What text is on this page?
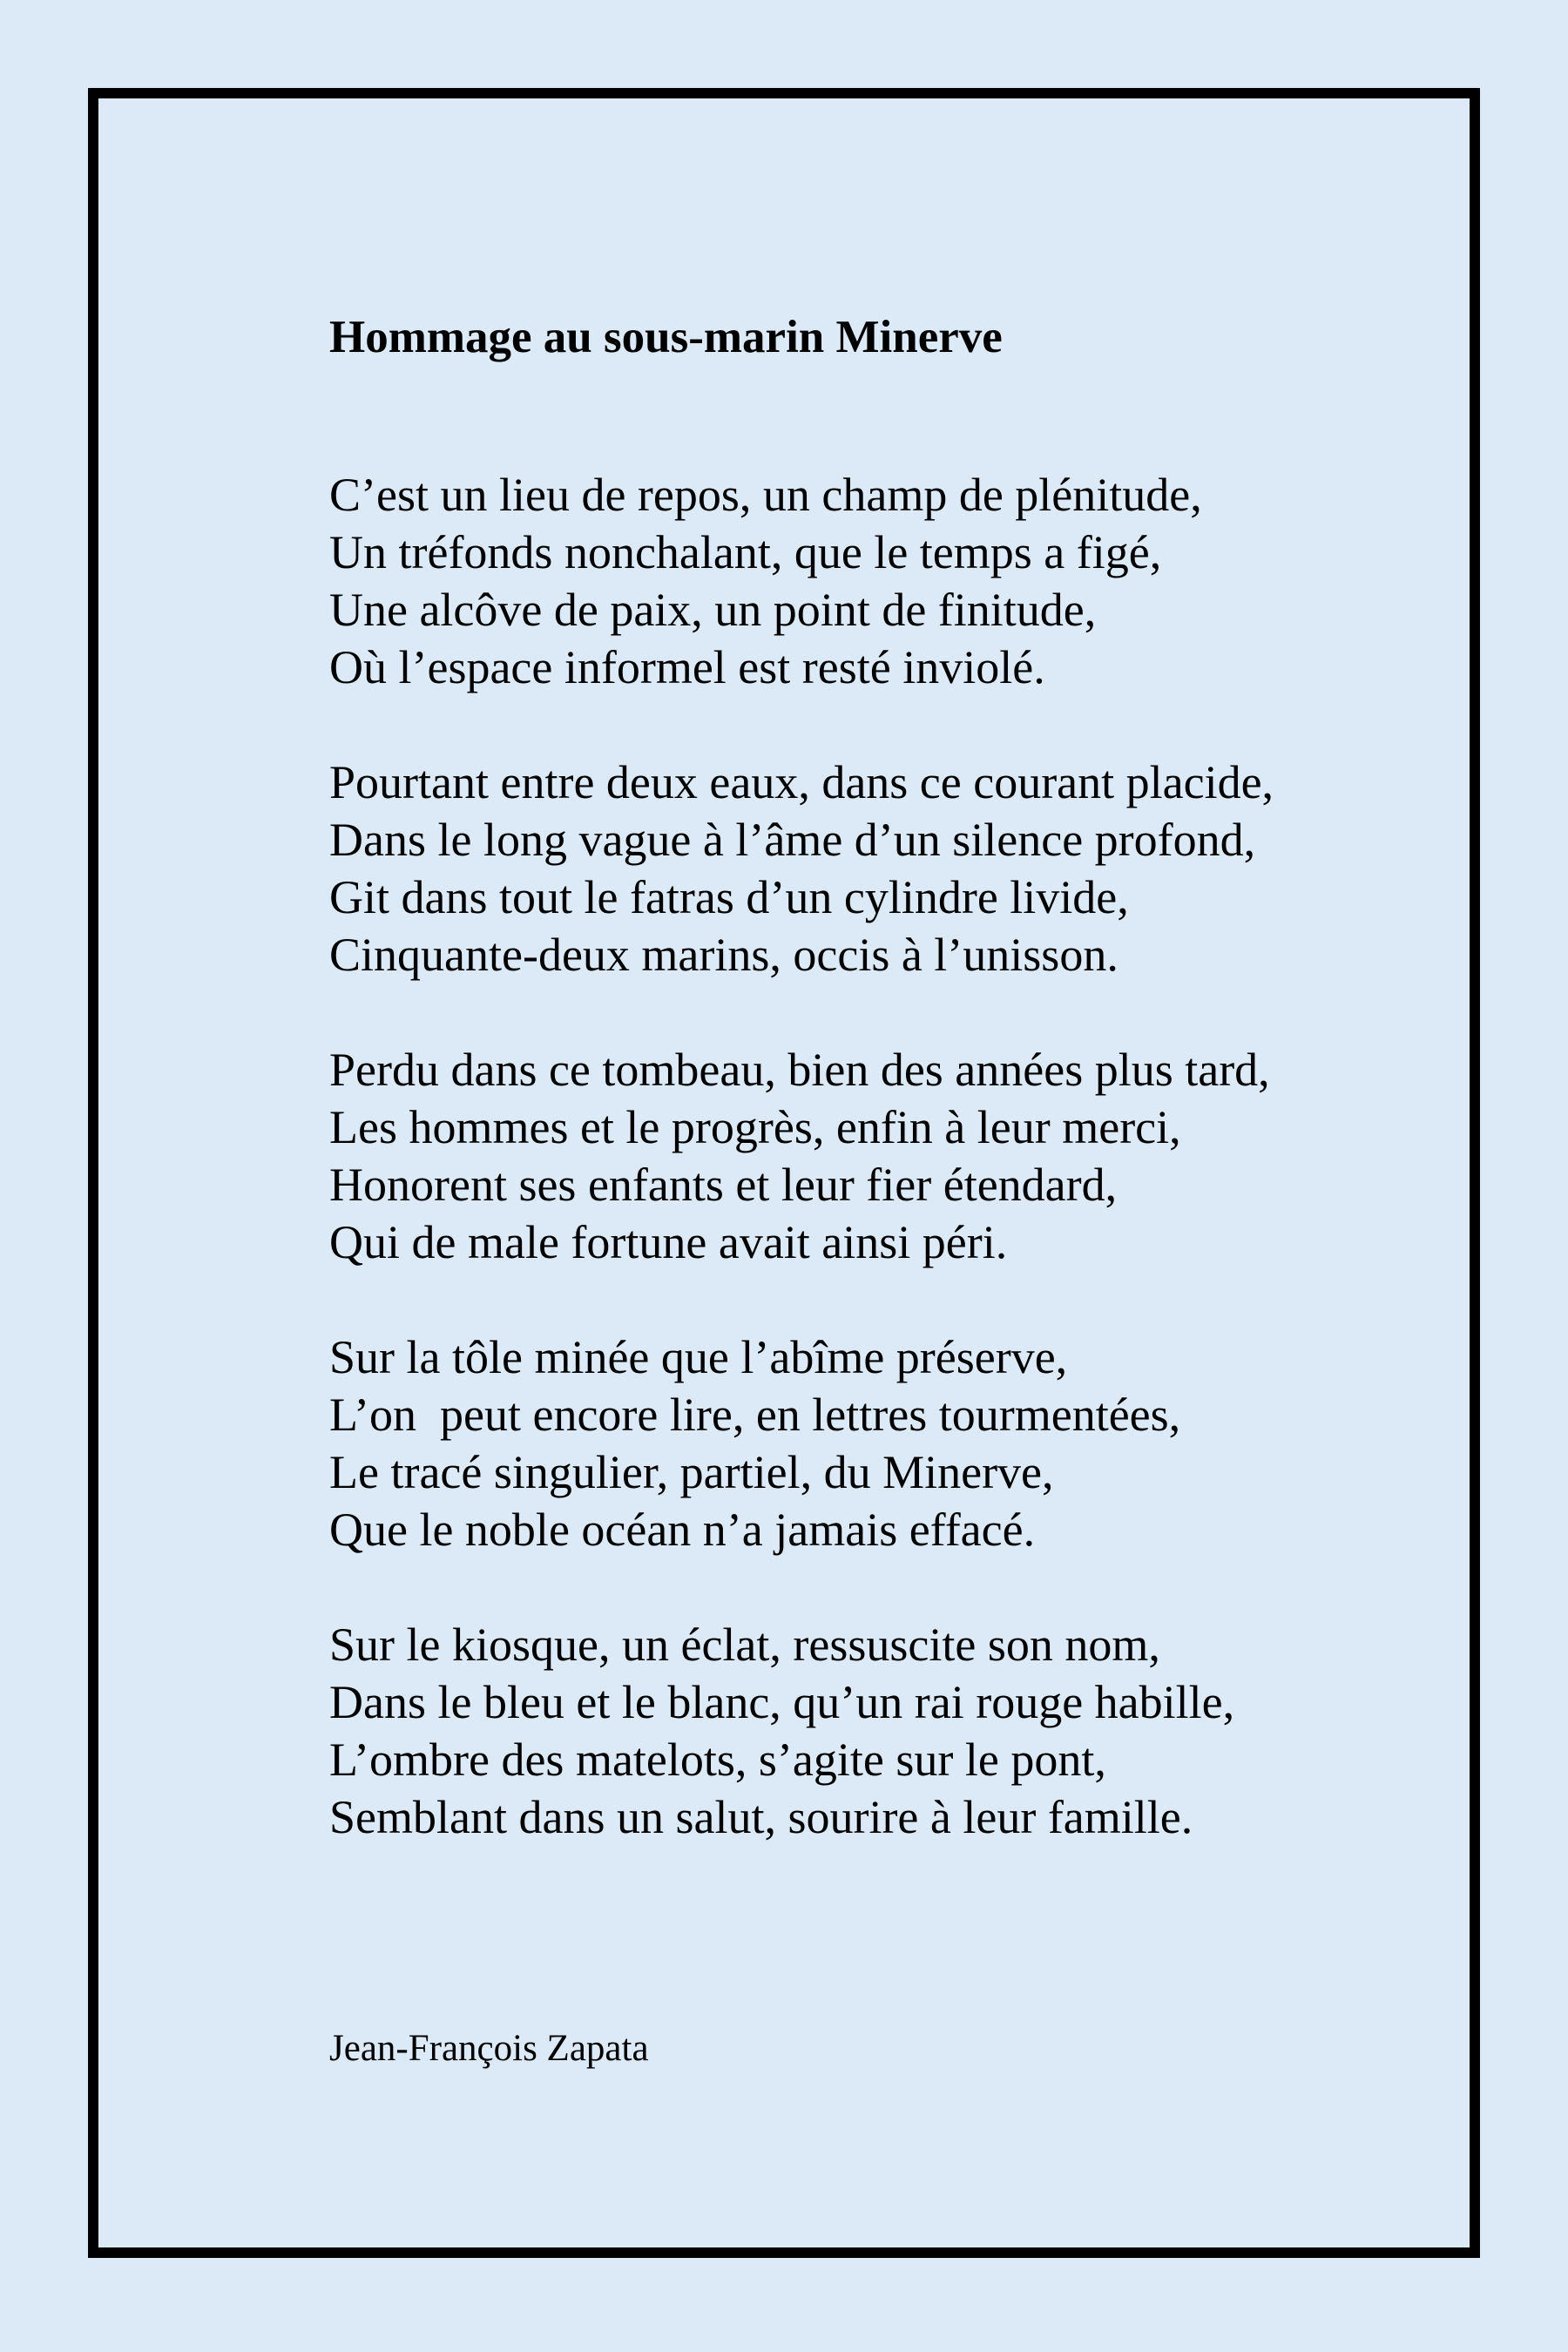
Hommage au sous-marin Minerve
C’est un lieu de repos, un champ de plénitude,
Un tréfonds nonchalant, que le temps a figé,
Une alcôve de paix, un point de finitude,
Où l’espace informel est resté inviolé.
Pourtant entre deux eaux, dans ce courant placide,
Dans le long vague à l’âme d’un silence profond,
Git dans tout le fatras d’un cylindre livide,
Cinquante-deux marins, occis à l’unisson.
Perdu dans ce tombeau, bien des années plus tard,
Les hommes et le progrès, enfin à leur merci,
Honorent ses enfants et leur fier étendard,
Qui de male fortune avait ainsi péri.
Sur la tôle minée que l’abîme préserve,
L’on  peut encore lire, en lettres tourmentées,
Le tracé singulier, partiel, du Minerve,
Que le noble océan n’a jamais effacé.
Sur le kiosque, un éclat, ressuscite son nom,
Dans le bleu et le blanc, qu’un rai rouge habille,
L’ombre des matelots, s’agite sur le pont,
Semblant dans un salut, sourire à leur famille.
Jean-François Zapata
